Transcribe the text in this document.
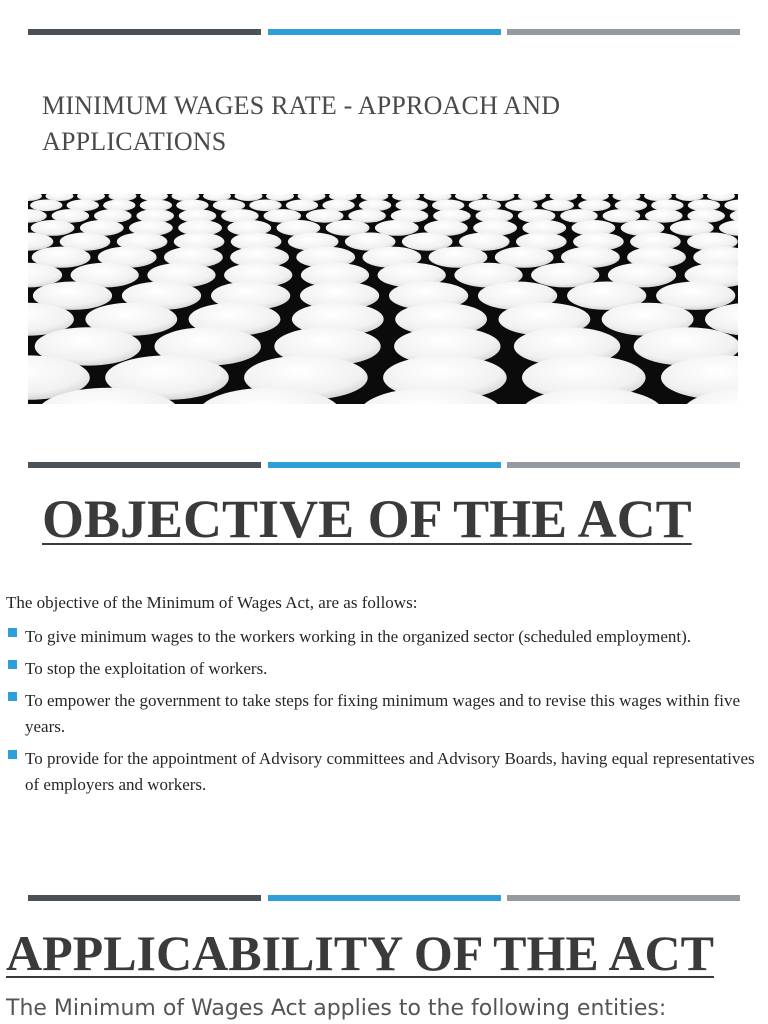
MINIMUM WAGES RATE - APPROACH AND APPLICATIONS
OBJECTIVE OF THE ACT

The objective of the Minimum of Wages Act, are as follows:

To give minimum wages to the workers working in the organized sector (scheduled employment).
To stop the exploitation of workers.
To empower the government to take steps for fixing minimum wages and to revise this wages within five years.
To provide for the appointment of Advisory committees and Advisory Boards, having equal representatives of employers and workers.
APPLICABILITY OF THE ACT

The Minimum of Wages Act applies to the following entities:
